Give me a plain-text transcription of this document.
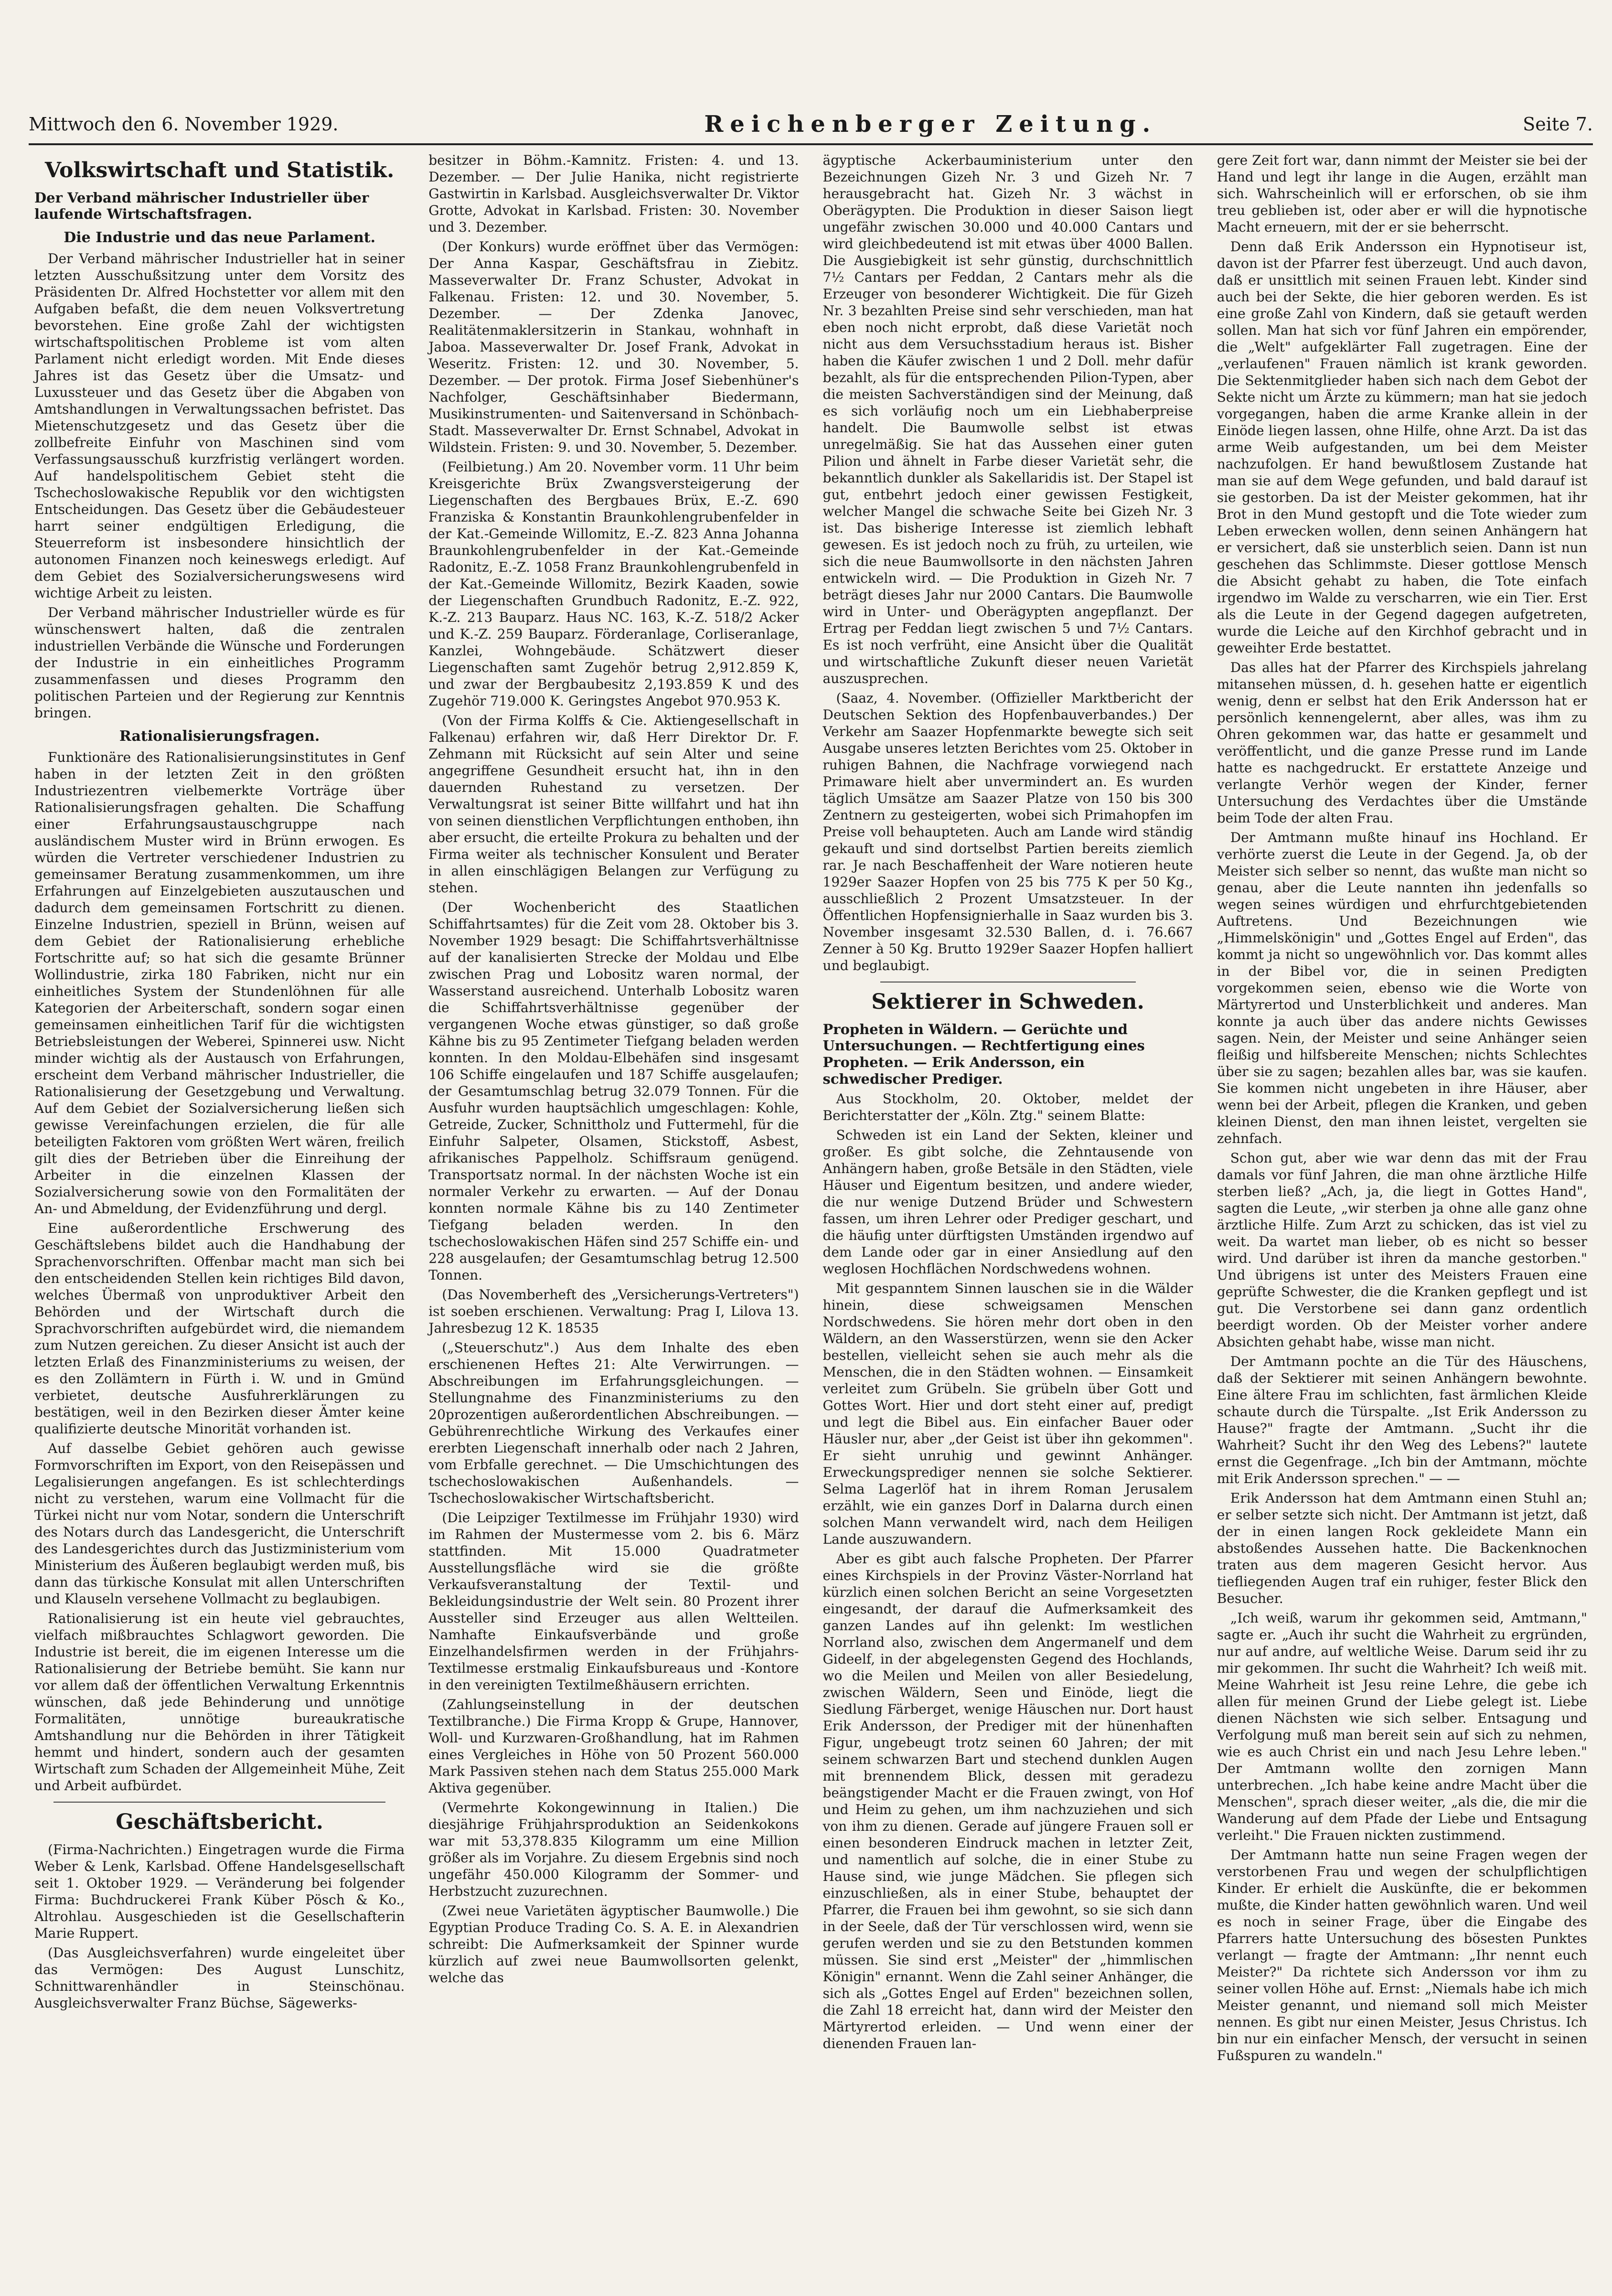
Mittwoch den 6. November 1929.	Reichenberger Zeitung.	Seite 7.
Volkswirtschaft und Statistik.
Der Verband mährischer Industrieller über laufende Wirtschaftsfragen.
Die Industrie und das neue Parlament.

Der Verband mährischer Industrieller hat in seiner letzten Ausschußsitzung unter dem Vorsitz des Präsidenten Dr. Alfred Hochstetter vor allem mit den Aufgaben befaßt, die dem neuen Volksvertretung bevorstehen. Eine große Zahl der wichtigsten wirtschaftspolitischen Probleme ist vom alten Parlament nicht erledigt worden. Mit Ende dieses Jahres ist das Gesetz über die Umsatz- und Luxussteuer und das Gesetz über die Abgaben von Amtshandlungen in Verwaltungssachen befristet. Das Mietenschutzgesetz und das Gesetz über die zollbefreite Einfuhr von Maschinen sind vom Verfassungsausschuß kurzfristig verlängert worden. Auf handelspolitischem Gebiet steht die Tschechoslowakische Republik vor den wichtigsten Entscheidungen. Das Gesetz über die Gebäudesteuer harrt seiner endgültigen Erledigung, die Steuerreform ist insbesondere hinsichtlich der autonomen Finanzen noch keineswegs erledigt. Auf dem Gebiet des Sozialversicherungswesens wird wichtige Arbeit zu leisten.

Der Verband mährischer Industrieller würde es für wünschenswert halten, daß die zentralen industriellen Verbände die Wünsche und Forderungen der Industrie in ein einheitliches Programm zusammenfassen und dieses Programm den politischen Parteien und der Regierung zur Kenntnis bringen.

Rationalisierungsfragen.

Funktionäre des Rationalisierungsinstitutes in Genf haben in der letzten Zeit in den größten Industriezentren vielbemerkte Vorträge über Rationalisierungsfragen gehalten. Die Schaffung einer Erfahrungsaustauschgruppe nach ausländischem Muster wird in Brünn erwogen. Es würden die Vertreter verschiedener Industrien zu gemeinsamer Beratung zusammenkommen, um ihre Erfahrungen auf Einzelgebieten auszutauschen und dadurch dem gemeinsamen Fortschritt zu dienen. Einzelne Industrien, speziell in Brünn, weisen auf dem Gebiet der Rationalisierung erhebliche Fortschritte auf; so hat sich die gesamte Brünner Wollindustrie, zirka 180 Fabriken, nicht nur ein einheitliches System der Stundenlöhnen für alle Kategorien der Arbeiterschaft, sondern sogar einen gemeinsamen einheitlichen Tarif für die wichtigsten Betriebsleistungen der Weberei, Spinnerei usw. Nicht minder wichtig als der Austausch von Erfahrungen, erscheint dem Verband mährischer Industrieller, die Rationalisierung der Gesetzgebung und Verwaltung. Auf dem Gebiet der Sozialversicherung ließen sich gewisse Vereinfachungen erzielen, die für alle beteiligten Faktoren vom größten Wert wären, freilich gilt dies der Betrieben über die Einreihung der Arbeiter in die einzelnen Klassen der Sozialversicherung sowie von den Formalitäten der An- und Abmeldung, der Evidenzführung und dergl.

Eine außerordentliche Erschwerung des Geschäftslebens bildet auch die Handhabung der Sprachenvorschriften. Offenbar macht man sich bei den entscheidenden Stellen kein richtiges Bild davon, welches Übermaß von unproduktiver Arbeit den Behörden und der Wirtschaft durch die Sprachvorschriften aufgebürdet wird, die niemandem zum Nutzen gereichen. Zu dieser Ansicht ist auch der letzten Erlaß des Finanzministeriums zu weisen, der es den Zollämtern in Fürth i. W. und in Gmünd verbietet, deutsche Ausfuhrerklärungen zu bestätigen, weil in den Bezirken dieser Ämter keine qualifizierte deutsche Minorität vorhanden ist.

Auf dasselbe Gebiet gehören auch gewisse Formvorschriften im Export, von den Reisepässen und Legalisierungen angefangen. Es ist schlechterdings nicht zu verstehen, warum eine Vollmacht für die Türkei nicht nur vom Notar, sondern die Unterschrift des Notars durch das Landesgericht, die Unterschrift des Landesgerichtes durch das Justizministerium vom Ministerium des Äußeren beglaubigt werden muß, bis dann das türkische Konsulat mit allen Unterschriften und Klauseln versehene Vollmacht zu beglaubigen.

Rationalisierung ist ein heute viel gebrauchtes, vielfach mißbrauchtes Schlagwort geworden. Die Industrie ist bereit, die im eigenen Interesse um die Rationalisierung der Betriebe bemüht. Sie kann nur vor allem daß der öffentlichen Verwaltung Erkenntnis wünschen, daß jede Behinderung und unnötige Formalitäten, unnötige bureaukratische Amtshandlung nur die Behörden in ihrer Tätigkeit hemmt und hindert, sondern auch der gesamten Wirtschaft zum Schaden der Allgemeinheit Mühe, Zeit und Arbeit aufbürdet.

Geschäftsbericht.

(Firma-Nachrichten.) Eingetragen wurde die Firma Weber & Lenk, Karlsbad. Offene Handelsgesellschaft seit 1. Oktober 1929. — Veränderung bei folgender Firma: Buchdruckerei Frank Küber Pösch & Ko., Altrohlau. Ausgeschieden ist die Gesellschafterin Marie Ruppert.

(Das Ausgleichsverfahren) wurde eingeleitet über das Vermögen: Des August Lunschitz, Schnittwarenhändler in Steinschönau. Ausgleichsverwalter Franz Büchse, Sägewerks-

besitzer in Böhm.-Kamnitz. Fristen: 4. und 13. Dezember. — Der Julie Hanika, nicht registrierte Gastwirtin in Karlsbad. Ausgleichsverwalter Dr. Viktor Grotte, Advokat in Karlsbad. Fristen: 30. November und 3. Dezember.

(Der Konkurs) wurde eröffnet über das Vermögen: Der Anna Kaspar, Geschäftsfrau in Ziebitz. Masseverwalter Dr. Franz Schuster, Advokat in Falkenau. Fristen: 12. und 30. November, 5. Dezember. — Der Zdenka Janovec, Realitätenmaklersitzerin in Stankau, wohnhaft in Jaboa. Masseverwalter Dr. Josef Frank, Advokat in Weseritz. Fristen: 12. und 30. November, 5. Dezember. — Der protok. Firma Josef Siebenhüner's Nachfolger, Geschäftsinhaber Biedermann, Musikinstrumenten- und Saitenversand in Schönbach-Stadt. Masseverwalter Dr. Ernst Schnabel, Advokat in Wildstein. Fristen: 9. und 30. November, 5. Dezember.

(Feilbietung.) Am 20. November vorm. 11 Uhr beim Kreisgerichte Brüx Zwangsversteigerung der Liegenschaften des Bergbaues Brüx, E.-Z. 690 Franziska & Konstantin Braunkohlengrubenfelder in der Kat.-Gemeinde Willomitz, E.-Z. 823 Anna Johanna Braunkohlengrubenfelder in der Kat.-Gemeinde Radonitz, E.-Z. 1058 Franz Braunkohlengrubenfeld in der Kat.-Gemeinde Willomitz, Bezirk Kaaden, sowie der Liegenschaften Grundbuch Radonitz, E.-Z. 922, K.-Z. 213 Bauparz. Haus NC. 163, K.-Z. 518/2 Acker und K.-Z. 259 Bauparz. Förderanlage, Corliseranlage, Kanzlei, Wohngebäude. Schätzwert dieser Liegenschaften samt Zugehör betrug 2,912.859 K, und zwar der Bergbaubesitz 2,193.859 K und des Zugehör 719.000 K. Geringstes Angebot 970.953 K.

(Von der Firma Kolffs & Cie. Aktiengesellschaft in Falkenau) erfahren wir, daß Herr Direktor Dr. F. Zehmann mit Rücksicht auf sein Alter und seine angegriffene Gesundheit ersucht hat, ihn in den dauernden Ruhestand zu versetzen. Der Verwaltungsrat ist seiner Bitte willfahrt und hat ihn von seinen dienstlichen Verpflichtungen enthoben, ihn aber ersucht, die erteilte Prokura zu behalten und der Firma weiter als technischer Konsulent und Berater in allen einschlägigen Belangen zur Verfügung zu stehen.

(Der Wochenbericht des Staatlichen Schiffahrtsamtes) für die Zeit vom 28. Oktober bis 3. November 1929 besagt: Die Schiffahrtsverhältnisse auf der kanalisierten Strecke der Moldau und Elbe zwischen Prag und Lobositz waren normal, der Wasserstand ausreichend. Unterhalb Lobositz waren die Schiffahrtsverhältnisse gegenüber der vergangenen Woche etwas günstiger, so daß große Kähne bis zu 95 Zentimeter Tiefgang beladen werden konnten. In den Moldau-Elbehäfen sind insgesamt 106 Schiffe eingelaufen und 187 Schiffe ausgelaufen; der Gesamtumschlag betrug 32.079 Tonnen. Für die Ausfuhr wurden hauptsächlich umgeschlagen: Kohle, Getreide, Zucker, Schnittholz und Futtermehl, für die Einfuhr Salpeter, Olsamen, Stickstoff, Asbest, afrikanisches Pappelholz. Schiffsraum genügend. Transportsatz normal. In der nächsten Woche ist ein normaler Verkehr zu erwarten. — Auf der Donau konnten normale Kähne bis zu 140 Zentimeter Tiefgang beladen werden. In den tschechoslowakischen Häfen sind 257 Schiffe ein- und 228 ausgelaufen; der Gesamtumschlag betrug 12.500 Tonnen.

(Das Novemberheft des „Versicherungs-Vertreters") ist soeben erschienen. Verwaltung: Prag I, Lilova 13. Jahresbezug 12 K. 18535

(„Steuerschutz".) Aus dem Inhalte des eben erschienenen Heftes 21: Alte Verwirrungen. — Abschreibungen im Erfahrungsgleichungen. — Stellungnahme des Finanzministeriums zu den 20prozentigen außerordentlichen Abschreibungen. — Gebührenrechtliche Wirkung des Verkaufes einer ererbten Liegenschaft innerhalb oder nach 2 Jahren, vom Erbfalle gerechnet. — Die Umschichtungen des tschechoslowakischen Außenhandels. — Tschechoslowakischer Wirtschaftsbericht.

(Die Leipziger Textilmesse im Frühjahr 1930) wird im Rahmen der Mustermesse vom 2. bis 6. März stattfinden. Mit 15.000 Quadratmeter Ausstellungsfläche wird sie die größte Verkaufsveranstaltung der Textil- und Bekleidungsindustrie der Welt sein. 80 Prozent ihrer Aussteller sind Erzeuger aus allen Weltteilen. Namhafte Einkaufsverbände und große Einzelhandelsfirmen werden in der Frühjahrs-Textilmesse erstmalig Einkaufsbureaus und -Kontore in den vereinigten Textilmeßhäusern errichten.

(Zahlungseinstellung in der deutschen Textilbranche.) Die Firma Kropp & Grupe, Hannover, Woll- und Kurzwaren-Großhandlung, hat im Rahmen eines Vergleiches in Höhe von 50 Prozent 560.000 Mark Passiven stehen nach dem Status 255.000 Mark Aktiva gegenüber.

(Vermehrte Kokongewinnung in Italien.) Die diesjährige Frühjahrsproduktion an Seidenkokons war mit 53,378.835 Kilogramm um eine Million größer als im Vorjahre. Zu diesem Ergebnis sind noch ungefähr 450.000 Kilogramm der Sommer- und Herbstzucht zuzurechnen.

(Zwei neue Varietäten ägyptischer Baumwolle.) Die Egyptian Produce Trading Co. S. A. E. in Alexandrien schreibt: Die Aufmerksamkeit der Spinner wurde kürzlich auf zwei neue Baumwollsorten gelenkt, welche das

ägyptische Ackerbauministerium unter den Bezeichnungen Gizeh Nr. 3 und Gizeh Nr. 7 herausgebracht hat. Gizeh Nr. 3 wächst in Oberägypten. Die Produktion in dieser Saison liegt ungefähr zwischen 30.000 und 40.000 Cantars und wird gleichbedeutend ist mit etwas über 4000 Ballen. Die Ausgiebigkeit ist sehr günstig, durchschnittlich 7½ Cantars per Feddan, 2 Cantars mehr als die Erzeuger von besonderer Wichtigkeit. Die für Gizeh Nr. 3 bezahlten Preise sind sehr verschieden, man hat eben noch nicht erprobt, daß diese Varietät noch nicht aus dem Versuchsstadium heraus ist. Bisher haben die Käufer zwischen 1 und 2 Doll. mehr dafür bezahlt, als für die entsprechenden Pilion-Typen, aber die meisten Sachverständigen sind der Meinung, daß es sich vorläufig noch um ein Liebhaberpreise handelt. Die Baumwolle selbst ist etwas unregelmäßig. Sie hat das Aussehen einer guten Pilion und ähnelt in Farbe dieser Varietät sehr, die bekanntlich dunkler als Sakellaridis ist. Der Stapel ist gut, entbehrt jedoch einer gewissen Festigkeit, welcher Mangel die schwache Seite bei Gizeh Nr. 3 ist. Das bisherige Interesse ist ziemlich lebhaft gewesen. Es ist jedoch noch zu früh, zu urteilen, wie sich die neue Baumwollsorte in den nächsten Jahren entwickeln wird. — Die Produktion in Gizeh Nr. 7 beträgt dieses Jahr nur 2000 Cantars. Die Baumwolle wird in Unter- und Oberägypten angepflanzt. Der Ertrag per Feddan liegt zwischen 5 und 7½ Cantars. Es ist noch verfrüht, eine Ansicht über die Qualität und wirtschaftliche Zukunft dieser neuen Varietät auszusprechen.

(Saaz, 4. November. (Offizieller Marktbericht der Deutschen Sektion des Hopfenbauverbandes.) Der Verkehr am Saazer Hopfenmarkte bewegte sich seit Ausgabe unseres letzten Berichtes vom 25. Oktober in ruhigen Bahnen, die Nachfrage vorwiegend nach Primaware hielt aber unvermindert an. Es wurden täglich Umsätze am Saazer Platze von 150 bis 300 Zentnern zu gesteigerten, wobei sich Primahopfen im Preise voll behaupteten. Auch am Lande wird ständig gekauft und sind dortselbst Partien bereits ziemlich rar. Je nach Beschaffenheit der Ware notieren heute 1929er Saazer Hopfen von 25 bis 775 K per 50 Kg., ausschließlich 2 Prozent Umsatzsteuer. In der Öffentlichen Hopfensignierhalle in Saaz wurden bis 3. November insgesamt 32.530 Ballen, d. i. 76.667 Zenner à 50 Kg. Brutto 1929er Saazer Hopfen halliert und beglaubigt.

Sektierer in Schweden.
Propheten in Wäldern. — Gerüchte und Untersuchungen. — Rechtfertigung eines Propheten. — Erik Andersson, ein schwedischer Prediger.

Aus Stockholm, 20. Oktober, meldet der Berichterstatter der „Köln. Ztg." seinem Blatte:

Schweden ist ein Land der Sekten, kleiner und großer. Es gibt solche, die Zehntausende von Anhängern haben, große Betsäle in den Städten, viele Häuser und Eigentum besitzen, und andere wieder, die nur wenige Dutzend Brüder und Schwestern fassen, um ihren Lehrer oder Prediger geschart, und die häufig unter dürftigsten Umständen irgendwo auf dem Lande oder gar in einer Ansiedlung auf den weglosen Hochflächen Nordschwedens wohnen.

Mit gespanntem Sinnen lauschen sie in die Wälder hinein, diese schweigsamen Menschen Nordschwedens. Sie hören mehr dort oben in den Wäldern, an den Wasserstürzen, wenn sie den Acker bestellen, vielleicht sehen sie auch mehr als die Menschen, die in den Städten wohnen. — Einsamkeit verleitet zum Grübeln. Sie grübeln über Gott und Gottes Wort. Hier und dort steht einer auf, predigt und legt die Bibel aus. Ein einfacher Bauer oder Häusler nur, aber „der Geist ist über ihn gekommen". Er sieht unruhig und gewinnt Anhänger. Erweckungsprediger nennen sie solche Sektierer. Selma Lagerlöf hat in ihrem Roman Jerusalem erzählt, wie ein ganzes Dorf in Dalarna durch einen solchen Mann verwandelt wird, nach dem Heiligen Lande auszuwandern.

Aber es gibt auch falsche Propheten. Der Pfarrer eines Kirchspiels in der Provinz Väster-Norrland hat kürzlich einen solchen Bericht an seine Vorgesetzten eingesandt, der darauf die Aufmerksamkeit des ganzen Landes auf ihn gelenkt: Im westlichen Norrland also, zwischen dem Angermanelf und dem Gideelf, in der abgelegensten Gegend des Hochlands, wo die Meilen und Meilen von aller Besiedelung, zwischen Wäldern, Seen und Einöde, liegt die Siedlung Färberget, wenige Häuschen nur. Dort haust Erik Andersson, der Prediger mit der hünenhaften Figur, ungebeugt trotz seinen 60 Jahren; der mit seinem schwarzen Bart und stechend dunklen Augen mit brennendem Blick, dessen mit geradezu beängstigender Macht er die Frauen zwingt, von Hof und Heim zu gehen, um ihm nachzuziehen und sich von ihm zu dienen. Gerade auf jüngere Frauen soll er einen besonderen Eindruck machen in letzter Zeit, und namentlich auf solche, die in einer Stube zu Hause sind, wie junge Mädchen. Sie pflegen sich einzuschließen, als in einer Stube, behauptet der Pfarrer, die Frauen bei ihm gewohnt, so sie sich dann in der Seele, daß der Tür verschlossen wird, wenn sie gerufen werden und sie zu den Betstunden kommen müssen. Sie sind erst „Meister" der „himmlischen Königin" ernannt. Wenn die Zahl seiner Anhänger, die sich als „Gottes Engel auf Erden" bezeichnen sollen, die Zahl 18 erreicht hat, dann wird der Meister den Märtyrertod erleiden. — Und wenn einer der dienenden Frauen lan-

gere Zeit fort war, dann nimmt der Meister sie bei der Hand und legt ihr lange in die Augen, erzählt man sich. Wahrscheinlich will er erforschen, ob sie ihm treu geblieben ist, oder aber er will die hypnotische Macht erneuern, mit der er sie beherrscht.

Denn daß Erik Andersson ein Hypnotiseur ist, davon ist der Pfarrer fest überzeugt. Und auch davon, daß er unsittlich mit seinen Frauen lebt. Kinder sind auch bei der Sekte, die hier geboren werden. Es ist eine große Zahl von Kindern, daß sie getauft werden sollen. Man hat sich vor fünf Jahren ein empörender, die „Welt" aufgeklärter Fall zugetragen. Eine der „verlaufenen" Frauen nämlich ist krank geworden. Die Sektenmitglieder haben sich nach dem Gebot der Sekte nicht um Ärzte zu kümmern; man hat sie jedoch vorgegangen, haben die arme Kranke allein in der Einöde liegen lassen, ohne Hilfe, ohne Arzt. Da ist das arme Weib aufgestanden, um bei dem Meister nachzufolgen. Er hand bewußtlosem Zustande hat man sie auf dem Wege gefunden, und bald darauf ist sie gestorben. Da ist der Meister gekommen, hat ihr Brot in den Mund gestopft und die Tote wieder zum Leben erwecken wollen, denn seinen Anhängern hat er versichert, daß sie unsterblich seien. Dann ist nun geschehen das Schlimmste. Dieser gottlose Mensch die Absicht gehabt zu haben, die Tote einfach irgendwo im Walde zu verscharren, wie ein Tier. Erst als die Leute in der Gegend dagegen aufgetreten, wurde die Leiche auf den Kirchhof gebracht und in geweihter Erde bestattet.

Das alles hat der Pfarrer des Kirchspiels jahrelang mitansehen müssen, d. h. gesehen hatte er eigentlich wenig, denn er selbst hat den Erik Andersson hat er persönlich kennengelernt, aber alles, was ihm zu Ohren gekommen war, das hatte er gesammelt und veröffentlicht, und die ganze Presse rund im Lande hatte es nachgedruckt. Er erstattete Anzeige und verlangte Verhör wegen der Kinder, ferner Untersuchung des Verdachtes über die Umstände beim Tode der alten Frau.

Der Amtmann mußte hinauf ins Hochland. Er verhörte zuerst die Leute in der Gegend. Ja, ob der Meister sich selber so nennt, das wußte man nicht so genau, aber die Leute nannten ihn jedenfalls so wegen seines würdigen und ehrfurchtgebietenden Auftretens. Und Bezeichnungen wie „Himmelskönigin" und „Gottes Engel auf Erden", das kommt ja nicht so ungewöhnlich vor. Das kommt alles in der Bibel vor, die in seinen Predigten vorgekommen seien, ebenso wie die Worte von Märtyrertod und Unsterblichkeit und anderes. Man konnte ja auch über das andere nichts Gewisses sagen. Nein, der Meister und seine Anhänger seien fleißig und hilfsbereite Menschen; nichts Schlechtes über sie zu sagen; bezahlen alles bar, was sie kaufen. Sie kommen nicht ungebeten in ihre Häuser, aber wenn bei der Arbeit, pflegen die Kranken, und geben kleinen Dienst, den man ihnen leistet, vergelten sie zehnfach.

Schon gut, aber wie war denn das mit der Frau damals vor fünf Jahren, die man ohne ärztliche Hilfe sterben ließ? „Ach, ja, die liegt in Gottes Hand", sagten die Leute, „wir sterben ja ohne alle ganz ohne ärztliche Hilfe. Zum Arzt zu schicken, das ist viel zu weit. Da wartet man lieber, ob es nicht so besser wird. Und darüber ist ihren da manche gestorben." Und übrigens ist unter des Meisters Frauen eine geprüfte Schwester, die die Kranken gepflegt und ist gut. Die Verstorbene sei dann ganz ordentlich beerdigt worden. Ob der Meister vorher andere Absichten gehabt habe, wisse man nicht.

Der Amtmann pochte an die Tür des Häuschens, daß der Sektierer mit seinen Anhängern bewohnte. Eine ältere Frau im schlichten, fast ärmlichen Kleide schaute durch die Türspalte. „Ist Erik Andersson zu Hause?" fragte der Amtmann. „Sucht ihr die Wahrheit? Sucht ihr den Weg des Lebens?" lautete ernst die Gegenfrage. „Ich bin der Amtmann, möchte mit Erik Andersson sprechen." — —

Erik Andersson hat dem Amtmann einen Stuhl an; er selber setzte sich nicht. Der Amtmann ist jetzt, daß der in einen langen Rock gekleidete Mann ein abstoßendes Aussehen hatte. Die Backenknochen traten aus dem mageren Gesicht hervor. Aus tiefliegenden Augen traf ein ruhiger, fester Blick den Besucher.

„Ich weiß, warum ihr gekommen seid, Amtmann," sagte er. „Auch ihr sucht die Wahrheit zu ergründen, nur auf andre, auf weltliche Weise. Darum seid ihr zu mir gekommen. Ihr sucht die Wahrheit? Ich weiß mit. Meine Wahrheit ist Jesu reine Lehre, die gebe ich allen für meinen Grund der Liebe gelegt ist. Liebe dienen Nächsten wie sich selber. Entsagung und Verfolgung muß man bereit sein auf sich zu nehmen, wie es auch Christ ein und nach Jesu Lehre leben." Der Amtmann wollte den zornigen Mann unterbrechen. „Ich habe keine andre Macht über die Menschen", sprach dieser weiter, „als die, die mir die Wanderung auf dem Pfade der Liebe und Entsagung verleiht." Die Frauen nickten zustimmend.

Der Amtmann hatte nun seine Fragen wegen der verstorbenen Frau und wegen der schulpflichtigen Kinder. Er erhielt die Auskünfte, die er bekommen mußte, die Kinder hatten gewöhnlich waren. Und weil es noch in seiner Frage, über die Eingabe des Pfarrers hatte Untersuchung des bösesten Punktes verlangt — fragte der Amtmann: „Ihr nennt euch Meister?" Da richtete sich Andersson vor ihm zu seiner vollen Höhe auf. Ernst: „Niemals habe ich mich Meister genannt, und niemand soll mich Meister nennen. Es gibt nur einen Meister, Jesus Christus. Ich bin nur ein einfacher Mensch, der versucht in seinen Fußspuren zu wandeln."
